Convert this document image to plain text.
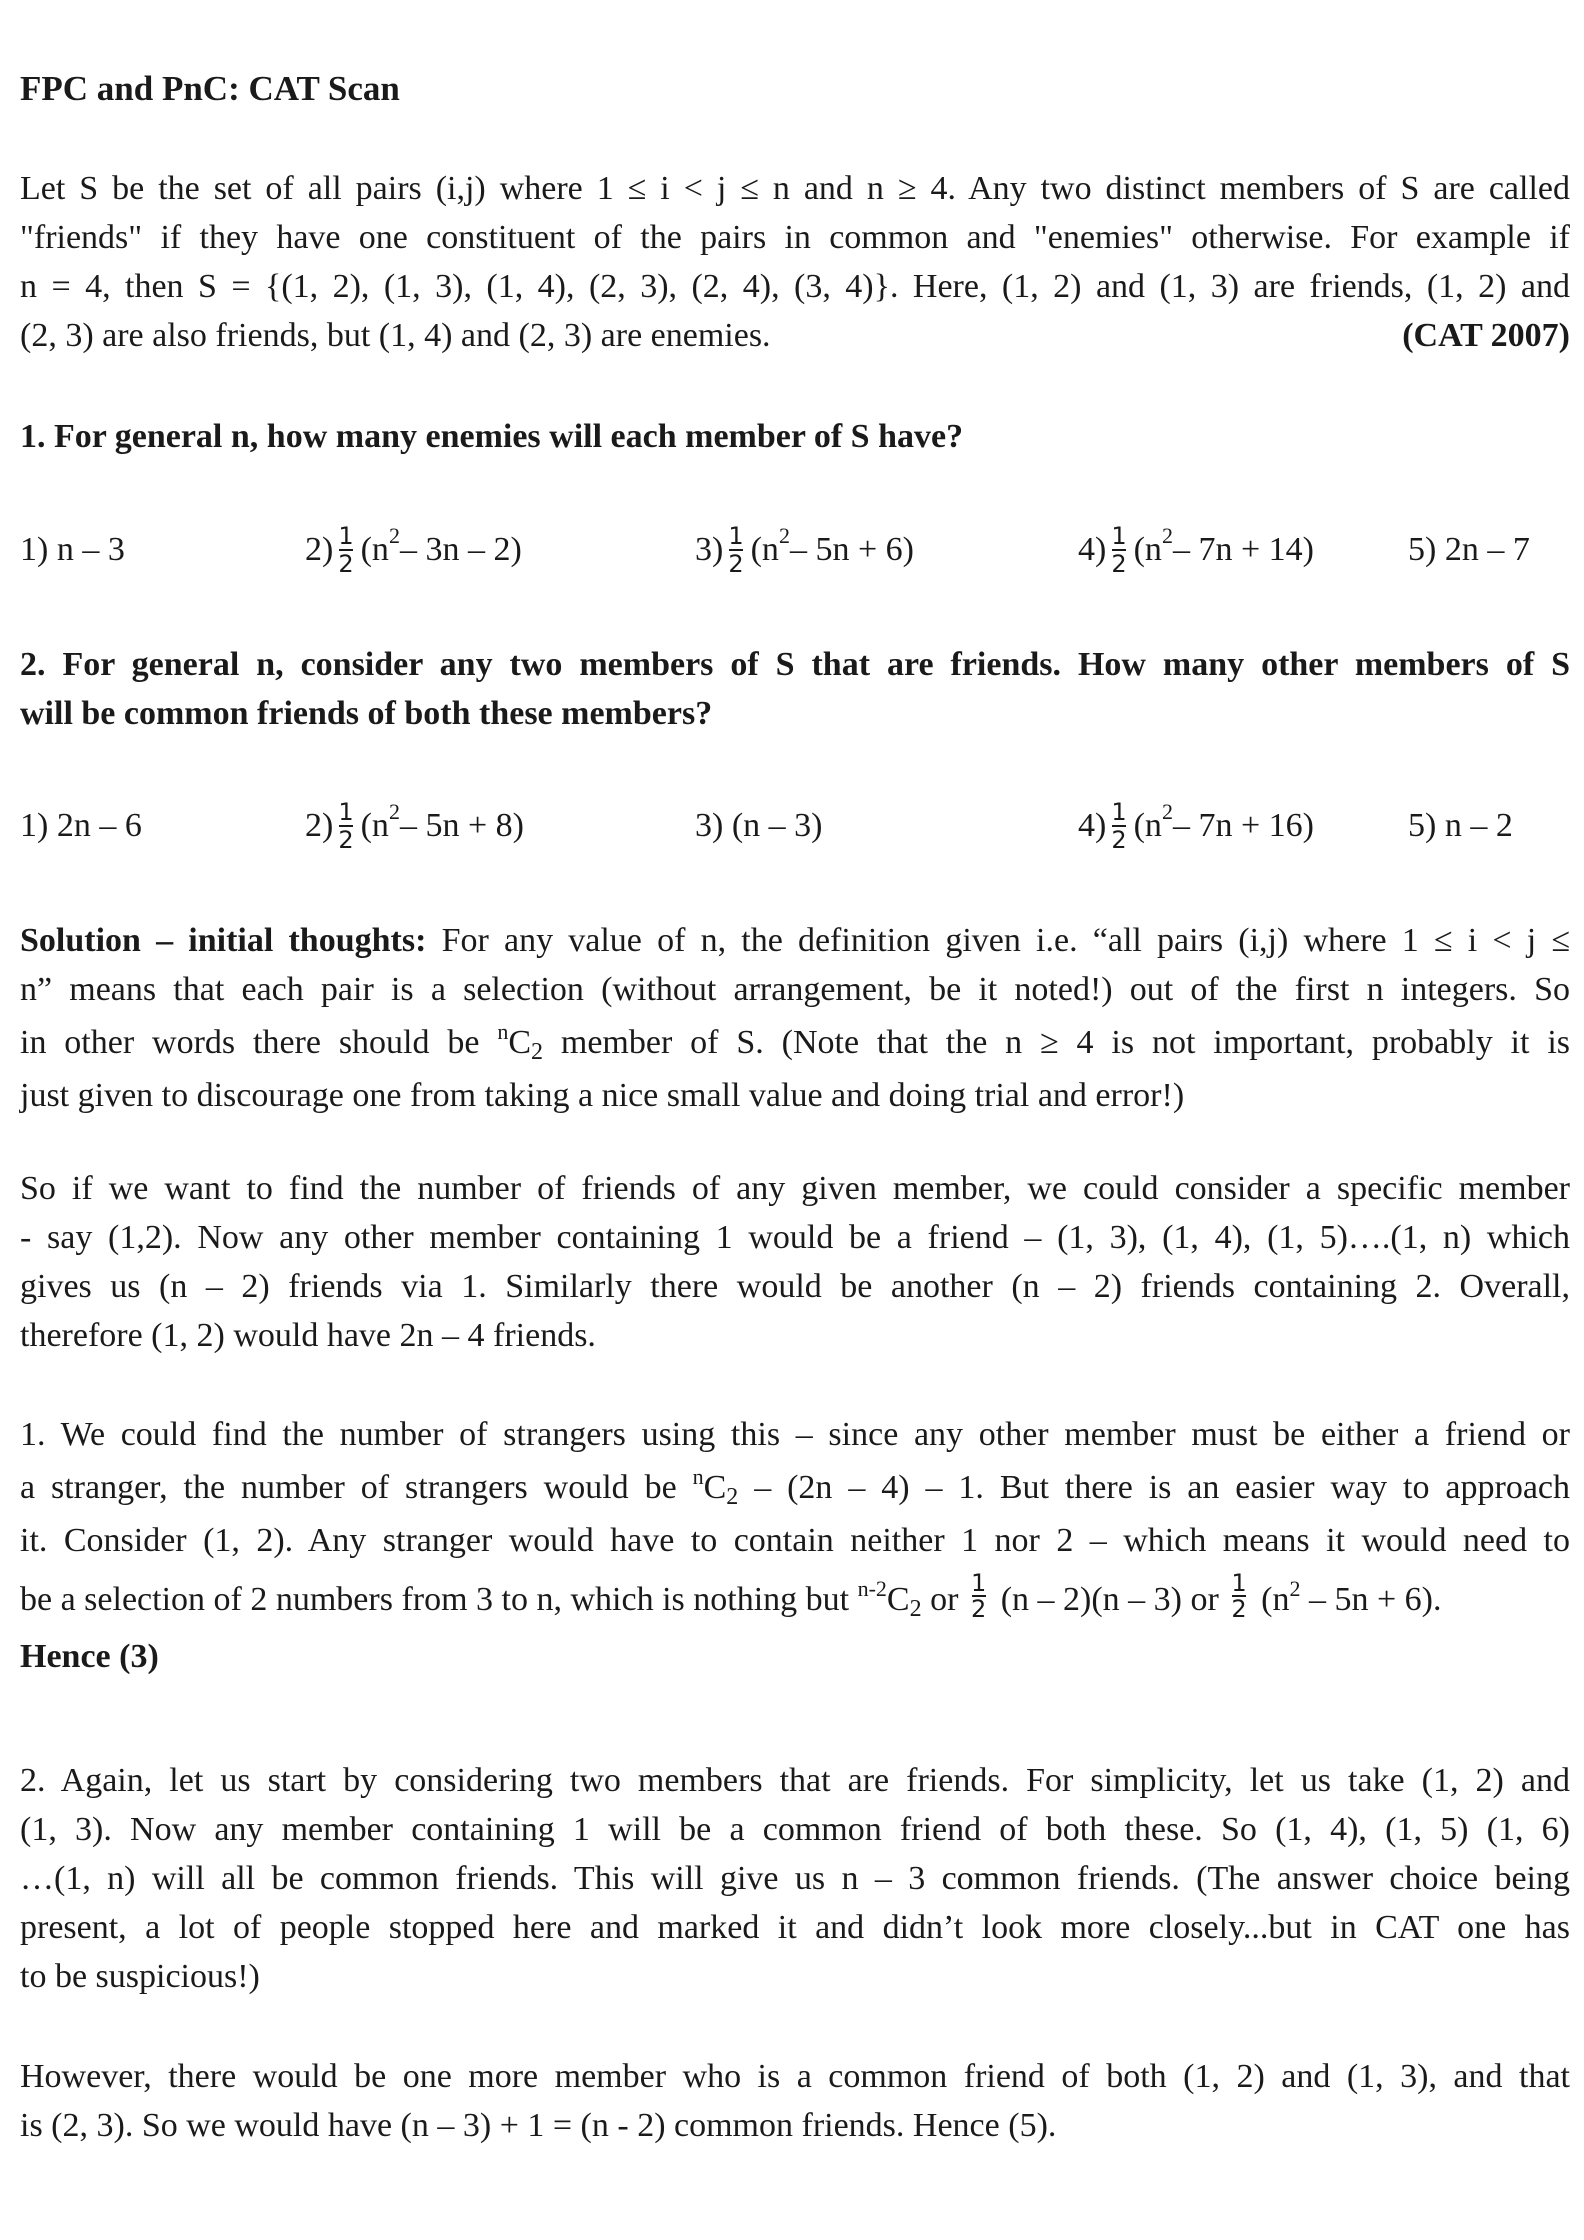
FPC and PnC: CAT Scan
Let S be the set of all pairs (i,j) where 1 ≤ i < j ≤ n and n ≥ 4. Any two distinct members of S are called
"friends" if they have one constituent of the pairs in common and "enemies" otherwise. For example if
n = 4, then S = {(1, 2), (1, 3), (1, 4), (2, 3), (2, 4), (3, 4)}. Here, (1, 2) and (1, 3) are friends, (1, 2) and
(2, 3) are also friends, but (1, 4) and (2, 3) are enemies.	(CAT 2007)
1. For general n, how many enemies will each member of S have?
1) n – 3	2) 1
2 (n 2 – 3n – 2)	3) 1
2 (n 2 – 5n + 6)	4) 1
2 (n 2 – 7n + 14)	5) 2n – 7
2. For general n, consider any two members of S that are friends. How many other members of S
will be common friends of both these members?
1) 2n – 6	2) 1
2 (n 2 – 5n + 8)	3) (n – 3)	4) 1
2 (n 2 – 7n + 16)	5) n – 2
Solution – initial thoughts: For any value of n, the definition given i.e. “all pairs (i,j) where 1 ≤ i < j ≤
n” means that each pair is a selection (without arrangement, be it noted!) out of the first n integers. So
in other words there should be $^n$C2 member of S. (Note that the n ≥ 4 is not important, probably it is
just given to discourage one from taking a nice small value and doing trial and error!)
So if we want to find the number of friends of any given member, we could consider a specific member
- say (1,2). Now any other member containing 1 would be a friend – (1, 3), (1, 4), (1, 5)….(1, n) which
gives us (n – 2) friends via 1. Similarly there would be another (n – 2) friends containing 2. Overall,
therefore (1, 2) would have 2n – 4 friends.
1. We could find the number of strangers using this – since any other member must be either a friend or
a stranger, the number of strangers would be $^n$C2 – (2n – 4) – 1. But there is an easier way to approach
it. Consider (1, 2). Any stranger would have to contain neither 1 nor 2 – which means it would need to
be a selection of 2 numbers from 3 to n, which is nothing but $^{n-2}$C2 or $\frac{1}{2} (n - 2)(n - 3)$ or $\frac{1}{2} (n^2 - 5n + 6)$.
Hence (3)
2. Again, let us start by considering two members that are friends. For simplicity, let us take (1, 2) and
(1, 3). Now any member containing 1 will be a common friend of both these. So (1, 4), (1, 5) (1, 6)
…(1, n) will all be common friends. This will give us n – 3 common friends. (The answer choice being
present, a lot of people stopped here and marked it and didn’t look more closely...but in CAT one has
to be suspicious!)
However, there would be one more member who is a common friend of both (1, 2) and (1, 3), and that
is (2, 3). So we would have (n – 3) + 1 = (n - 2) common friends. Hence (5).
